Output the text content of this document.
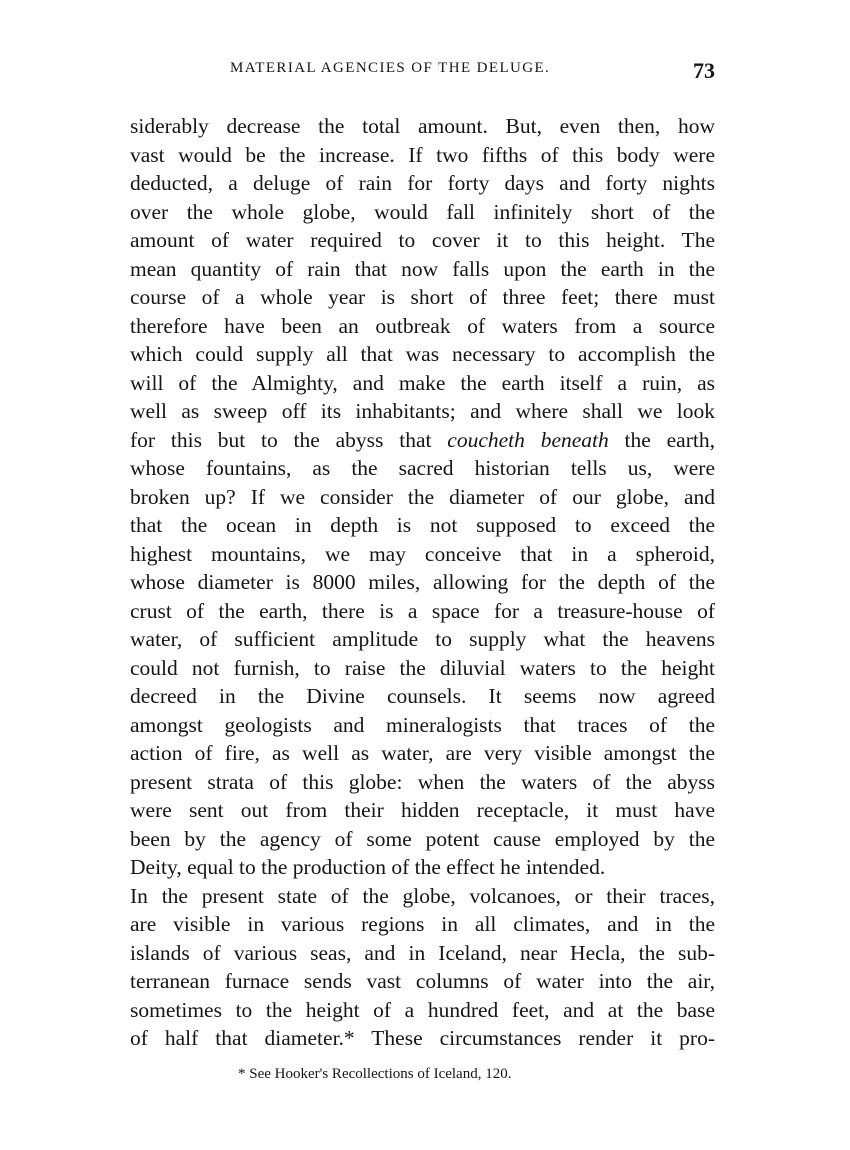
MATERIAL AGENCIES OF THE DELUGE.	73
siderably decrease the total amount. But, even then, how
vast would be the increase. If two fifths of this body were
deducted, a deluge of rain for forty days and forty nights
over the whole globe, would fall infinitely short of the
amount of water required to cover it to this height. The
mean quantity of rain that now falls upon the earth in the
course of a whole year is short of three feet; there must
therefore have been an outbreak of waters from a source
which could supply all that was necessary to accomplish the
will of the Almighty, and make the earth itself a ruin, as
well as sweep off its inhabitants; and where shall we look
for this but to the abyss that coucheth beneath the earth,
whose fountains, as the sacred historian tells us, were
broken up? If we consider the diameter of our globe, and
that the ocean in depth is not supposed to exceed the
highest mountains, we may conceive that in a spheroid,
whose diameter is 8000 miles, allowing for the depth of the
crust of the earth, there is a space for a treasure-house of
water, of sufficient amplitude to supply what the heavens
could not furnish, to raise the diluvial waters to the height
decreed in the Divine counsels. It seems now agreed
amongst geologists and mineralogists that traces of the
action of fire, as well as water, are very visible amongst the
present strata of this globe: when the waters of the abyss
were sent out from their hidden receptacle, it must have
been by the agency of some potent cause employed by the
Deity, equal to the production of the effect he intended.
In the present state of the globe, volcanoes, or their traces,
are visible in various regions in all climates, and in the
islands of various seas, and in Iceland, near Hecla, the sub-
terranean furnace sends vast columns of water into the air,
sometimes to the height of a hundred feet, and at the base
of half that diameter.* These circumstances render it pro-
* See Hooker's Recollections of Iceland, 120.
